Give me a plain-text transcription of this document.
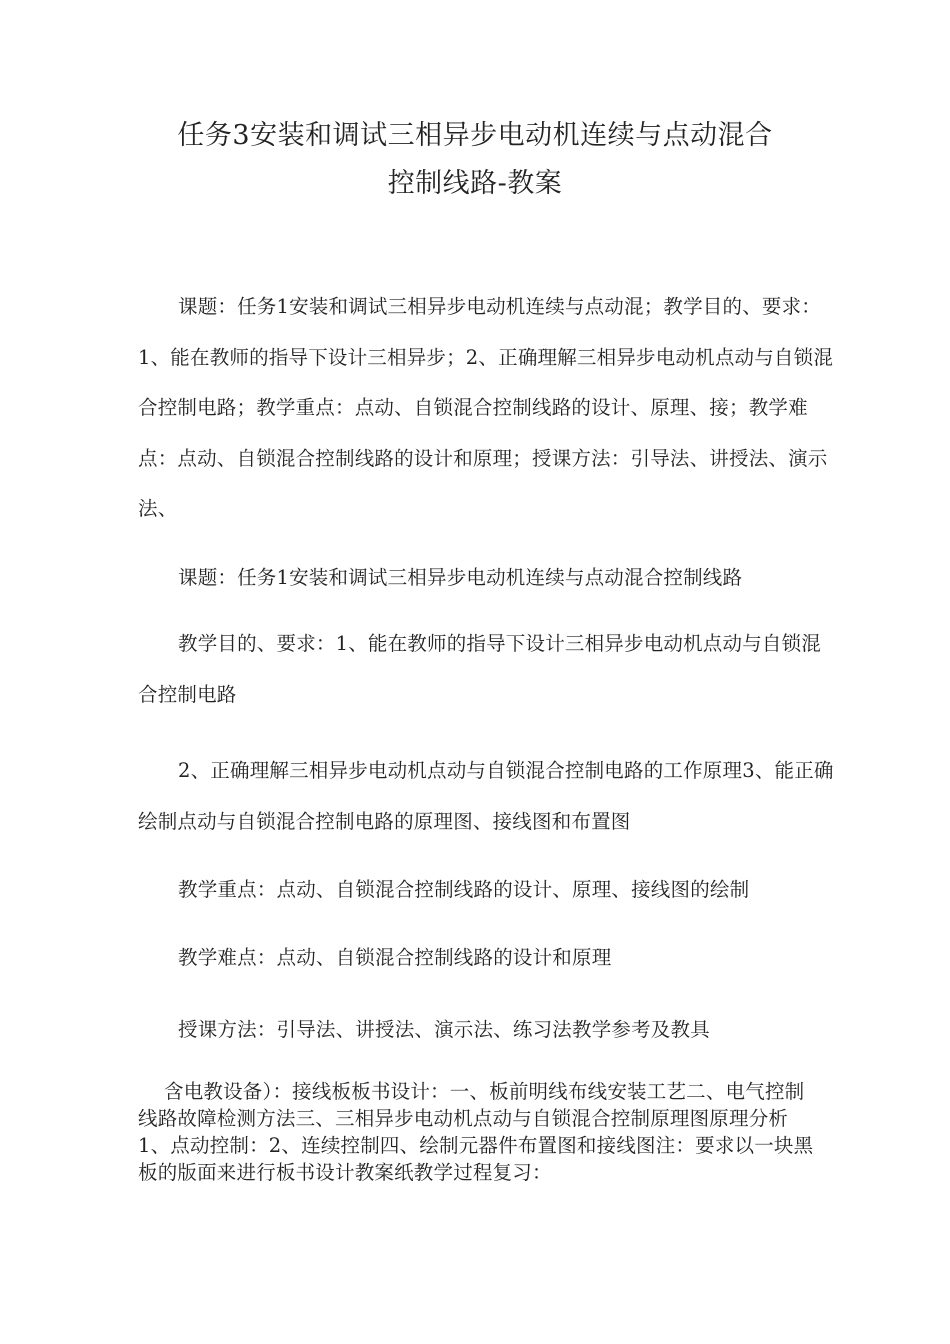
任务3安装和调试三相异步电动机连续与点动混合
控制线路-教案

课题：任务1安装和调试三相异步电动机连续与点动混；教学目的、要求：1、能在教师的指导下设计三相异步；2、正确理解三相异步电动机点动与自锁混合控制电路；教学重点：点动、自锁混合控制线路的设计、原理、接；教学难点：点动、自锁混合控制线路的设计和原理；授课方法：引导法、讲授法、演示法、

课题：任务1安装和调试三相异步电动机连续与点动混合控制线路

教学目的、要求：1、能在教师的指导下设计三相异步电动机点动与自锁混合控制电路

2、正确理解三相异步电动机点动与自锁混合控制电路的工作原理3、能正确绘制点动与自锁混合控制电路的原理图、接线图和布置图

教学重点：点动、自锁混合控制线路的设计、原理、接线图的绘制

教学难点：点动、自锁混合控制线路的设计和原理

授课方法：引导法、讲授法、演示法、练习法教学参考及教具

含电教设备）：接线板板书设计：一、板前明线布线安装工艺二、电气控制线路故障检测方法三、三相异步电动机点动与自锁混合控制原理图原理分析1、点动控制：2、连续控制四、绘制元器件布置图和接线图注：要求以一块黑板的版面来进行板书设计教案纸教学过程复习：
